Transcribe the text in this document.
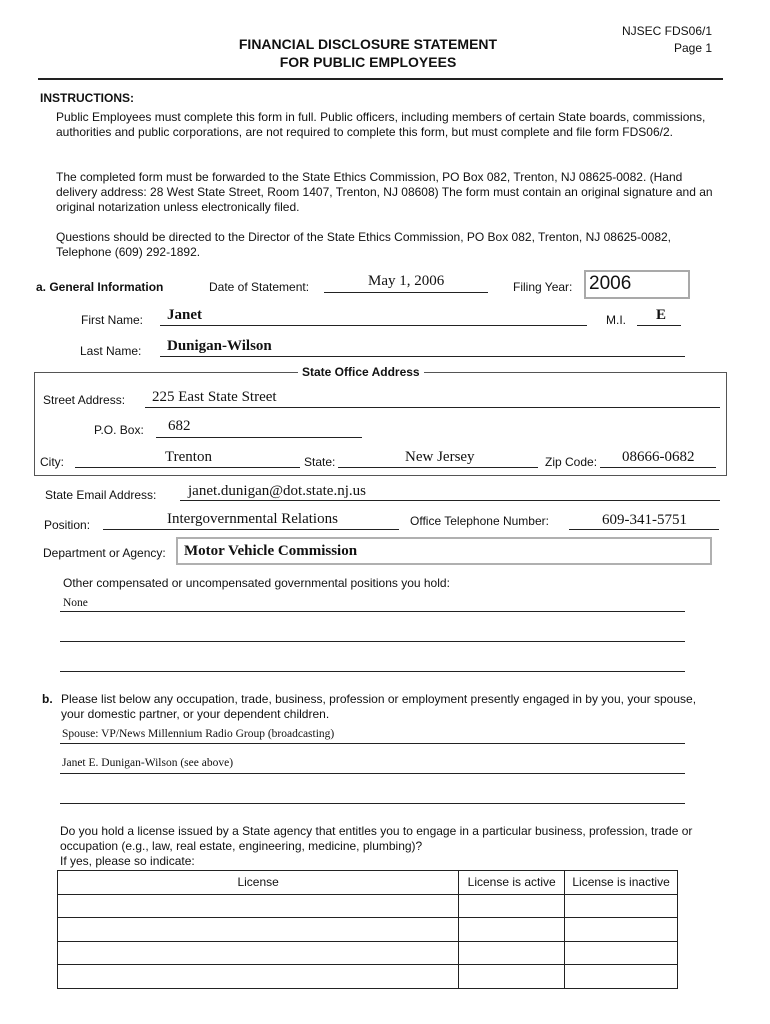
NJSEC FDS06/1
Page 1
FINANCIAL DISCLOSURE STATEMENT
FOR PUBLIC EMPLOYEES
INSTRUCTIONS:
Public Employees must complete this form in full. Public officers, including members of certain State boards, commissions, authorities and public corporations, are not required to complete this form, but must complete and file form FDS06/2.
The completed form must be forwarded to the State Ethics Commission, PO Box 082, Trenton, NJ 08625-0082. (Hand delivery address: 28 West State Street, Room 1407, Trenton, NJ 08608) The form must contain an original signature and an original notarization unless electronically filed.
Questions should be directed to the Director of the State Ethics Commission, PO Box 082, Trenton, NJ 08625-0082, Telephone (609) 292-1892.
a. General Information	Date of Statement:	May 1, 2006	Filing Year: 2006
First Name: Janet	M.I. E
Last Name: Dunigan-Wilson
State Office Address
Street Address: 225 East State Street
P.O. Box: 682
City:	Trenton	State:	New Jersey	Zip Code: 08666-0682
State Email Address: janet.dunigan@dot.state.nj.us
Position:	Intergovernmental Relations	Office Telephone Number:	609-341-5751
Department or Agency: Motor Vehicle Commission
Other compensated or uncompensated governmental positions you hold:
None
b. Please list below any occupation, trade, business, profession or employment presently engaged in by you, your spouse, your domestic partner, or your dependent children.
Spouse: VP/News Millennium Radio Group (broadcasting)
Janet E. Dunigan-Wilson (see above)
Do you hold a license issued by a State agency that entitles you to engage in a particular business, profession, trade or occupation (e.g., law, real estate, engineering, medicine, plumbing)?
If yes, please so indicate:
License	License is active	License is inactive
